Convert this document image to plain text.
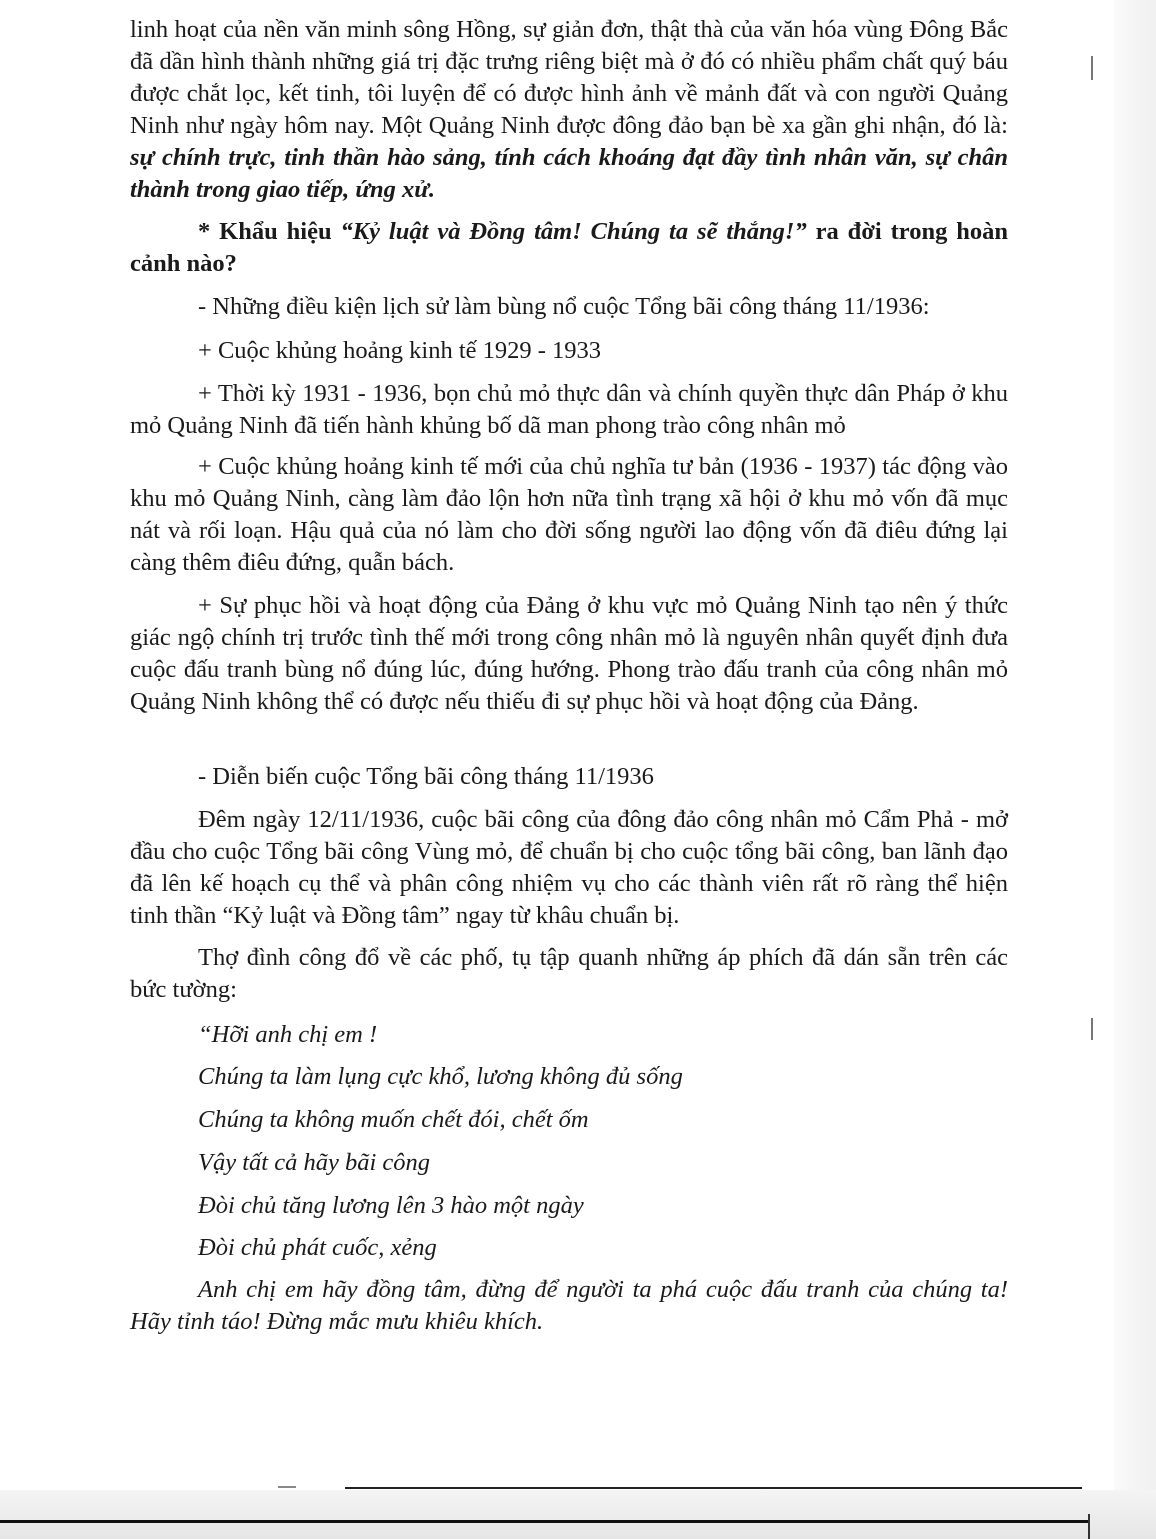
linh hoạt của nền văn minh sông Hồng, sự giản đơn, thật thà của văn hóa vùng Đông Bắc đã dần hình thành những giá trị đặc trưng riêng biệt mà ở đó có nhiều phẩm chất quý báu được chắt lọc, kết tinh, tôi luyện để có được hình ảnh về mảnh đất và con người Quảng Ninh như ngày hôm nay. Một Quảng Ninh được đông đảo bạn bè xa gần ghi nhận, đó là: sự chính trực, tinh thần hào sảng, tính cách khoáng đạt đầy tình nhân văn, sự chân thành trong giao tiếp, ứng xử.

* Khẩu hiệu “Kỷ luật và Đồng tâm! Chúng ta sẽ thắng!” ra đời trong hoàn cảnh nào?

- Những điều kiện lịch sử làm bùng nổ cuộc Tổng bãi công tháng 11/1936:

+ Cuộc khủng hoảng kinh tế 1929 - 1933

+ Thời kỳ 1931 - 1936, bọn chủ mỏ thực dân và chính quyền thực dân Pháp ở khu mỏ Quảng Ninh đã tiến hành khủng bố dã man phong trào công nhân mỏ

+ Cuộc khủng hoảng kinh tế mới của chủ nghĩa tư bản (1936 - 1937) tác động vào khu mỏ Quảng Ninh, càng làm đảo lộn hơn nữa tình trạng xã hội ở khu mỏ vốn đã mục nát và rối loạn. Hậu quả của nó làm cho đời sống người lao động vốn đã điêu đứng lại càng thêm điêu đứng, quẫn bách.

+ Sự phục hồi và hoạt động của Đảng ở khu vực mỏ Quảng Ninh tạo nên ý thức giác ngộ chính trị trước tình thế mới trong công nhân mỏ là nguyên nhân quyết định đưa cuộc đấu tranh bùng nổ đúng lúc, đúng hướng. Phong trào đấu tranh của công nhân mỏ Quảng Ninh không thể có được nếu thiếu đi sự phục hồi và hoạt động của Đảng.

- Diễn biến cuộc Tổng bãi công tháng 11/1936

Đêm ngày 12/11/1936, cuộc bãi công của đông đảo công nhân mỏ Cẩm Phả - mở đầu cho cuộc Tổng bãi công Vùng mỏ, để chuẩn bị cho cuộc tổng bãi công, ban lãnh đạo đã lên kế hoạch cụ thể và phân công nhiệm vụ cho các thành viên rất rõ ràng thể hiện tinh thần “Kỷ luật và Đồng tâm” ngay từ khâu chuẩn bị.

Thợ đình công đổ về các phố, tụ tập quanh những áp phích đã dán sẵn trên các bức tường:

“Hỡi anh chị em !

Chúng ta làm lụng cực khổ, lương không đủ sống

Chúng ta không muốn chết đói, chết ốm

Vậy tất cả hãy bãi công

Đòi chủ tăng lương lên 3 hào một ngày

Đòi chủ phát cuốc, xẻng

Anh chị em hãy đồng tâm, đừng để người ta phá cuộc đấu tranh của chúng ta! Hãy tỉnh táo! Đừng mắc mưu khiêu khích.
